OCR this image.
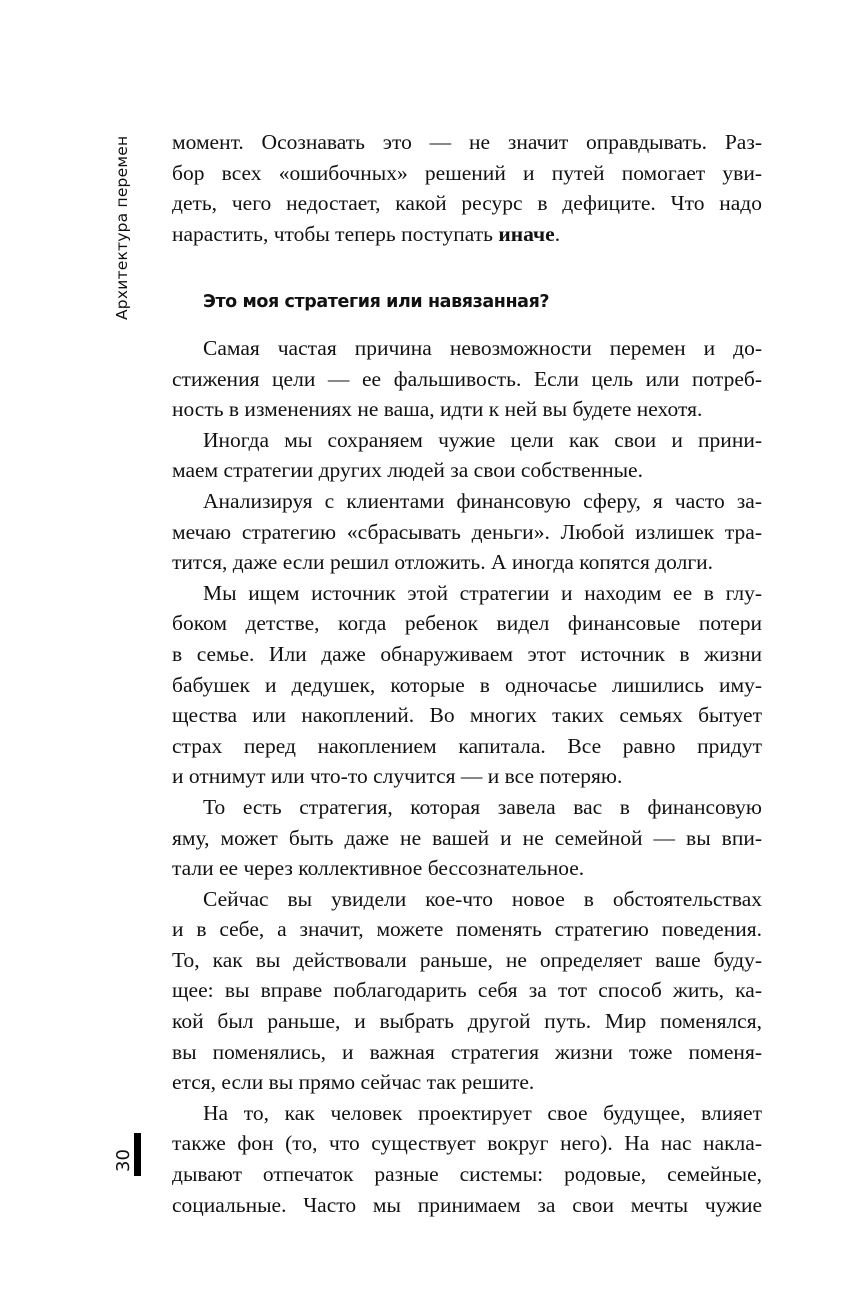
Архитектура перемен
30
момент. Осознавать это — не значит оправдывать. Раз-
бор всех «ошибочных» решений и путей помогает уви-
деть, чего недостает, какой ресурс в дефиците. Что надо
нарастить, чтобы теперь поступать иначе.
Это моя стратегия или навязанная?
Самая частая причина невозможности перемен и до-
стижения цели — ее фальшивость. Если цель или потреб-
ность в изменениях не ваша, идти к ней вы будете нехотя.
Иногда мы сохраняем чужие цели как свои и прини-
маем стратегии других людей за свои собственные.
Анализируя с клиентами финансовую сферу, я часто за-
мечаю стратегию «сбрасывать деньги». Любой излишек тра-
тится, даже если решил отложить. А иногда копятся долги.
Мы ищем источник этой стратегии и находим ее в глу-
боком детстве, когда ребенок видел финансовые потери
в семье. Или даже обнаруживаем этот источник в жизни
бабушек и дедушек, которые в одночасье лишились иму-
щества или накоплений. Во многих таких семьях бытует
страх перед накоплением капитала. Все равно придут
и отнимут или что-то случится — и все потеряю.
То есть стратегия, которая завела вас в финансовую
яму, может быть даже не вашей и не семейной — вы впи-
тали ее через коллективное бессознательное.
Сейчас вы увидели кое-что новое в обстоятельствах
и в себе, а значит, можете поменять стратегию поведения.
То, как вы действовали раньше, не определяет ваше буду-
щее: вы вправе поблагодарить себя за тот способ жить, ка-
кой был раньше, и выбрать другой путь. Мир поменялся,
вы поменялись, и важная стратегия жизни тоже поменя-
ется, если вы прямо сейчас так решите.
На то, как человек проектирует свое будущее, влияет
также фон (то, что существует вокруг него). На нас накла-
дывают отпечаток разные системы: родовые, семейные,
социальные. Часто мы принимаем за свои мечты чужие
